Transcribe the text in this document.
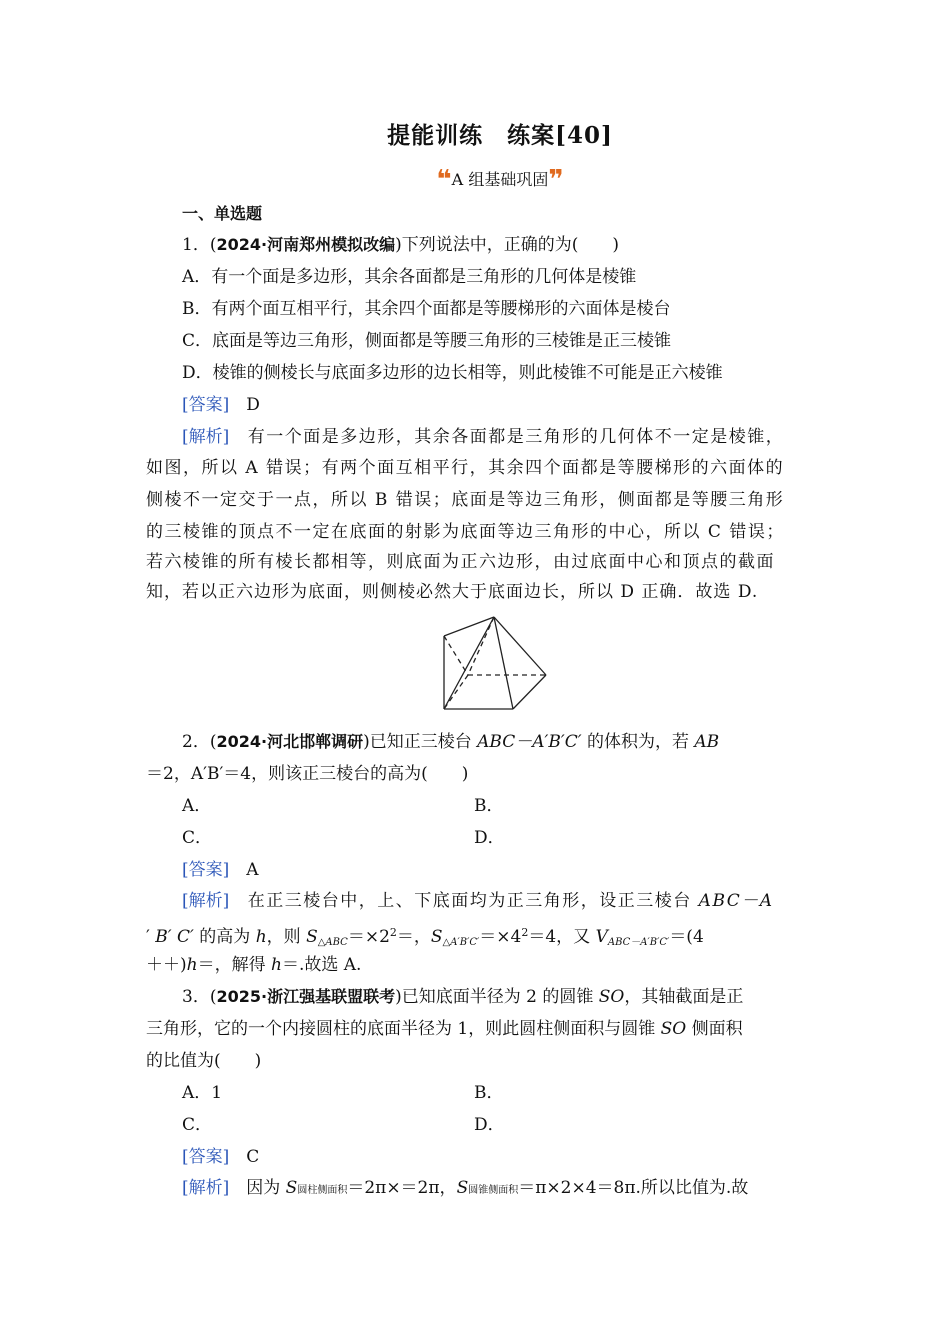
提能训练　练案[40]
❝A 组基础巩固❞
一、单选题
1．(2024·河南郑州模拟改编)下列说法中，正确的为(　　)
A．有一个面是多边形，其余各面都是三角形的几何体是棱锥
B．有两个面互相平行，其余四个面都是等腰梯形的六面体是棱台
C．底面是等边三角形，侧面都是等腰三角形的三棱锥是正三棱锥
D．棱锥的侧棱长与底面多边形的边长相等，则此棱锥不可能是正六棱锥
[答案]　 D
[解析]　 有一个面是多边形，其余各面都是三角形的几何体不一定是棱锥，
如图，所以 A 错误；有两个面互相平行，其余四个面都是等腰梯形的六面体的
侧棱不一定交于一点，所以 B 错误；底面是等边三角形，侧面都是等腰三角形
的三棱锥的顶点不一定在底面的射影为底面等边三角形的中心，所以 C 错误；
若六棱锥的所有棱长都相等，则底面为正六边形，由过底面中心和顶点的截面
知，若以正六边形为底面，则侧棱必然大于底面边长，所以 D 正确．故选 D.
2．(2024·河北邯郸调研)已知正三棱台 ABC－A′B′C′ 的体积为，若 AB
＝2，A′B′＝4，则该正三棱台的高为(　　)
A．	B．
C．	D．
[答案]　 A
[解析]　 在正三棱台中，上、下底面均为正三角形，设正三棱台 ABC－A
′ B′ C′ 的高为 h，则 $S_{\triangle ABC}=\times 2^2=$，$S_{\triangle A'B'C'}=\times 4^2=4$，又 $V_{ABC-A'B'C'}=(4$
＋＋)h＝，解得 h＝.故选 A.
3．(2025·浙江强基联盟联考)已知底面半径为 2 的圆锥 SO，其轴截面是正
三角形，它的一个内接圆柱的底面半径为 1，则此圆柱侧面积与圆锥 SO 侧面积
的比值为(　　)
A．1	B．
C．	D．
[答案]　 C
[解析]　 因为 S圆柱侧面积＝2π×＝2π，S圆锥侧面积＝π×2×4＝8π.所以比值为.故
